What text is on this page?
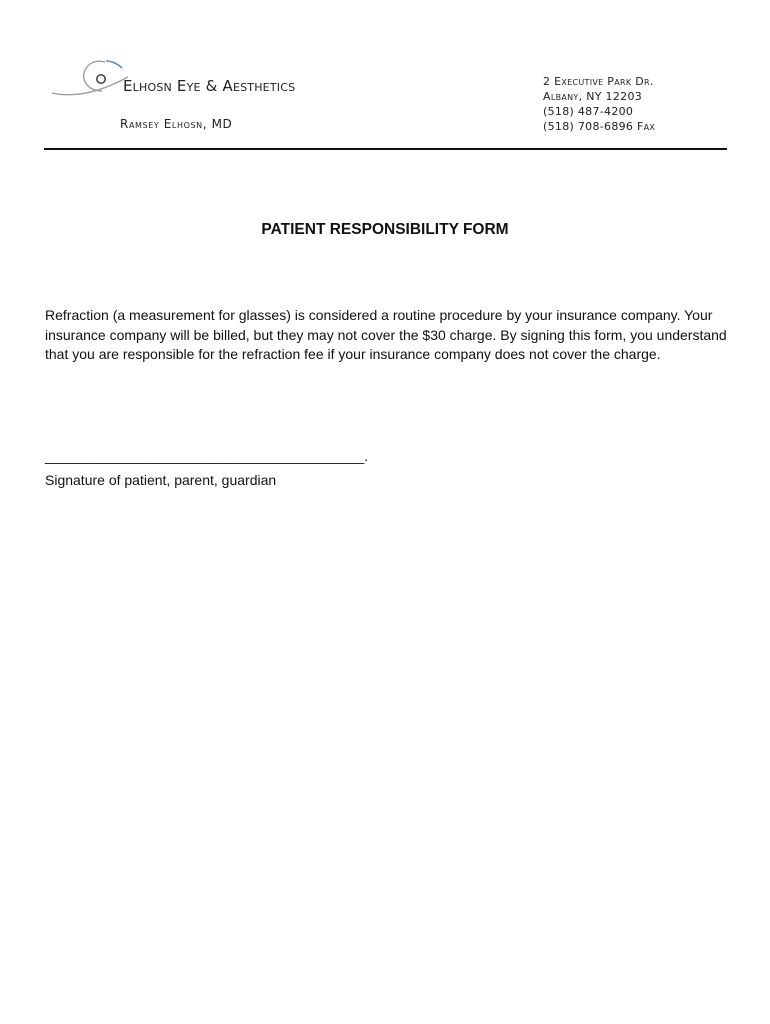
Elhosn Eye & Aesthetics
Ramsey Elhosn, MD
2 Executive Park Dr.
Albany, NY 12203
(518) 487-4200
(518) 708-6896 Fax
PATIENT RESPONSIBILITY FORM
Refraction (a measurement for glasses) is considered a routine procedure by your insurance company. Your insurance company will be billed, but they may not cover the $30 charge. By signing this form, you understand that you are responsible for the refraction fee if your insurance company does not cover the charge.
_________________________________________.
Signature of patient, parent, guardian
